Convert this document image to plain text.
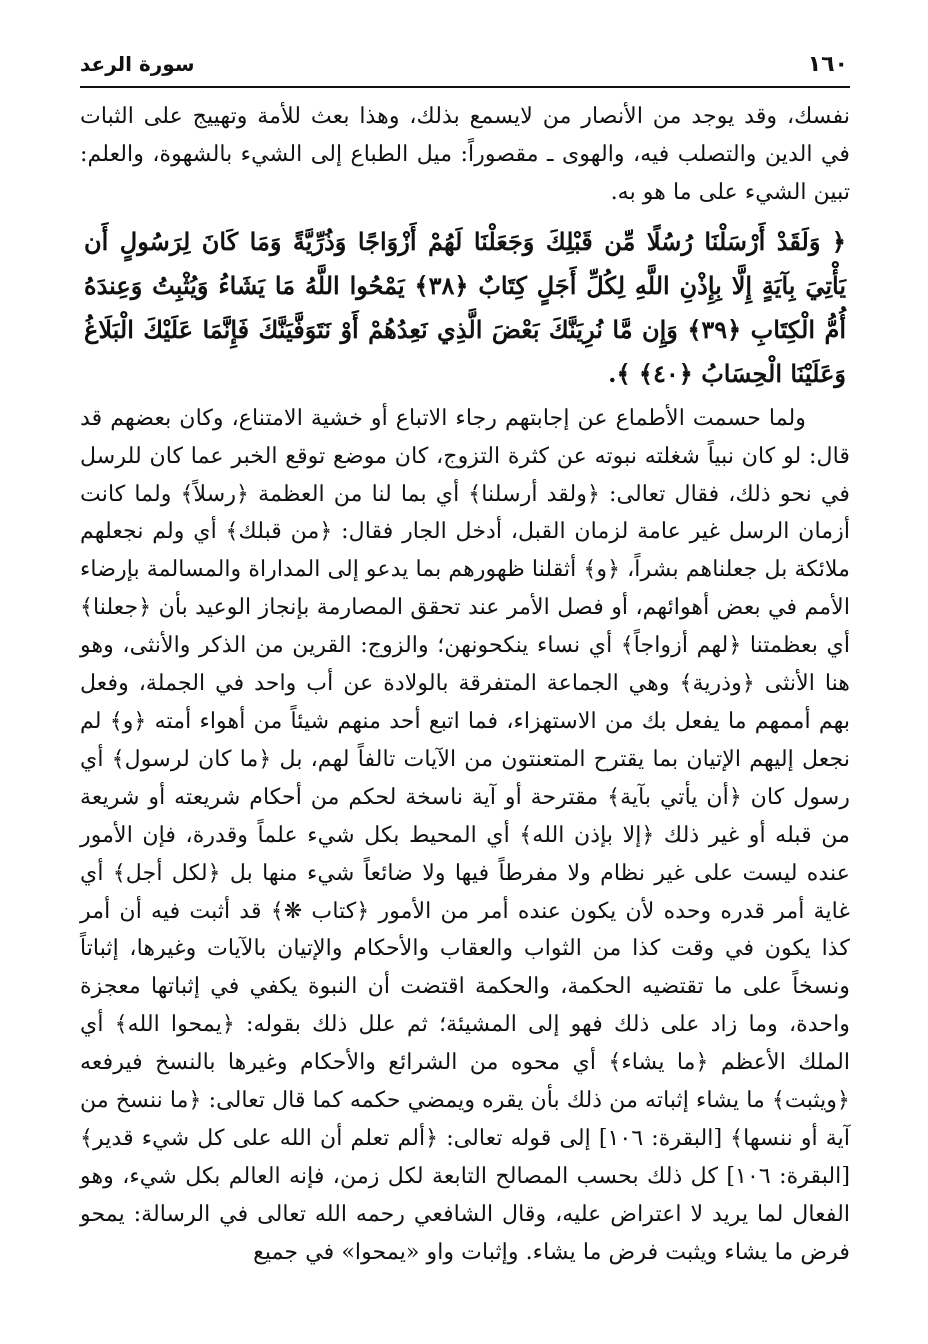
١٦٠
سورة الرعد

نفسك، وقد يوجد من الأنصار من لايسمع بذلك، وهذا بعث للأمة وتهييج على الثبات في الدين والتصلب فيه، والهوى ـ مقصوراً: ميل الطباع إلى الشيء بالشهوة، والعلم: تبين الشيء على ما هو به.

﴿ وَلَقَدْ أَرْسَلْنَا رُسُلًا مِّن قَبْلِكَ وَجَعَلْنَا لَهُمْ أَزْوَاجًا وَذُرِّيَّةً وَمَا كَانَ لِرَسُولٍ أَن يَأْتِيَ بِآيَةٍ إِلَّا بِإِذْنِ اللَّهِ لِكُلِّ أَجَلٍ كِتَابٌ ﴿٣٨﴾ يَمْحُوا اللَّهُ مَا يَشَاءُ وَيُثْبِتُ وَعِندَهُ أُمُّ الْكِتَابِ ﴿٣٩﴾ وَإِن مَّا نُرِيَنَّكَ بَعْضَ الَّذِي نَعِدُهُمْ أَوْ نَتَوَفَّيَنَّكَ فَإِنَّمَا عَلَيْكَ الْبَلَاغُ وَعَلَيْنَا الْحِسَابُ ﴿٤٠﴾ ﴾.

ولما حسمت الأطماع عن إجابتهم رجاء الاتباع أو خشية الامتناع، وكان بعضهم قد قال: لو كان نبياً شغلته نبوته عن كثرة التزوج، كان موضع توقع الخبر عما كان للرسل في نحو ذلك، فقال تعالى: ﴿ولقد أرسلنا﴾ أي بما لنا من العظمة ﴿رسلاً﴾ ولما كانت أزمان الرسل غير عامة لزمان القبل، أدخل الجار فقال: ﴿من قبلك﴾ أي ولم نجعلهم ملائكة بل جعلناهم بشراً، ﴿و﴾ أثقلنا ظهورهم بما يدعو إلى المداراة والمسالمة بإرضاء الأمم في بعض أهوائهم، أو فصل الأمر عند تحقق المصارمة بإنجاز الوعيد بأن ﴿جعلنا﴾ أي بعظمتنا ﴿لهم أزواجاً﴾ أي نساء ينكحونهن؛ والزوج: القرين من الذكر والأنثى، وهو هنا الأنثى ﴿وذرية﴾ وهي الجماعة المتفرقة بالولادة عن أب واحد في الجملة، وفعل بهم أممهم ما يفعل بك من الاستهزاء، فما اتبع أحد منهم شيئاً من أهواء أمته ﴿و﴾ لم نجعل إليهم الإتيان بما يقترح المتعنتون من الآيات تالفاً لهم، بل ﴿ما كان لرسول﴾ أي رسول كان ﴿أن يأتي بآية﴾ مقترحة أو آية ناسخة لحكم من أحكام شريعته أو شريعة من قبله أو غير ذلك ﴿إلا بإذن الله﴾ أي المحيط بكل شيء علماً وقدرة، فإن الأمور عنده ليست على غير نظام ولا مفرطاً فيها ولا ضائعاً شيء منها بل ﴿لكل أجل﴾ أي غاية أمر قدره وحده لأن يكون عنده أمر من الأمور ﴿كتاب ❋﴾ قد أثبت فيه أن أمر كذا يكون في وقت كذا من الثواب والعقاب والأحكام والإتيان بالآيات وغيرها، إثباتاً ونسخاً على ما تقتضيه الحكمة، والحكمة اقتضت أن النبوة يكفي في إثباتها معجزة واحدة، وما زاد على ذلك فهو إلى المشيئة؛ ثم علل ذلك بقوله: ﴿يمحوا الله﴾ أي الملك الأعظم ﴿ما يشاء﴾ أي محوه من الشرائع والأحكام وغيرها بالنسخ فيرفعه ﴿ويثبت﴾ ما يشاء إثباته من ذلك بأن يقره ويمضي حكمه كما قال تعالى: ﴿ما ننسخ من آية أو ننسها﴾ [البقرة: ١٠٦] إلى قوله تعالى: ﴿ألم تعلم أن الله على كل شيء قدير﴾ [البقرة: ١٠٦] كل ذلك بحسب المصالح التابعة لكل زمن، فإنه العالم بكل شيء، وهو الفعال لما يريد لا اعتراض عليه، وقال الشافعي رحمه الله تعالى في الرسالة: يمحو فرض ما يشاء ويثبت فرض ما يشاء. وإثبات واو «يمحوا» في جميع
